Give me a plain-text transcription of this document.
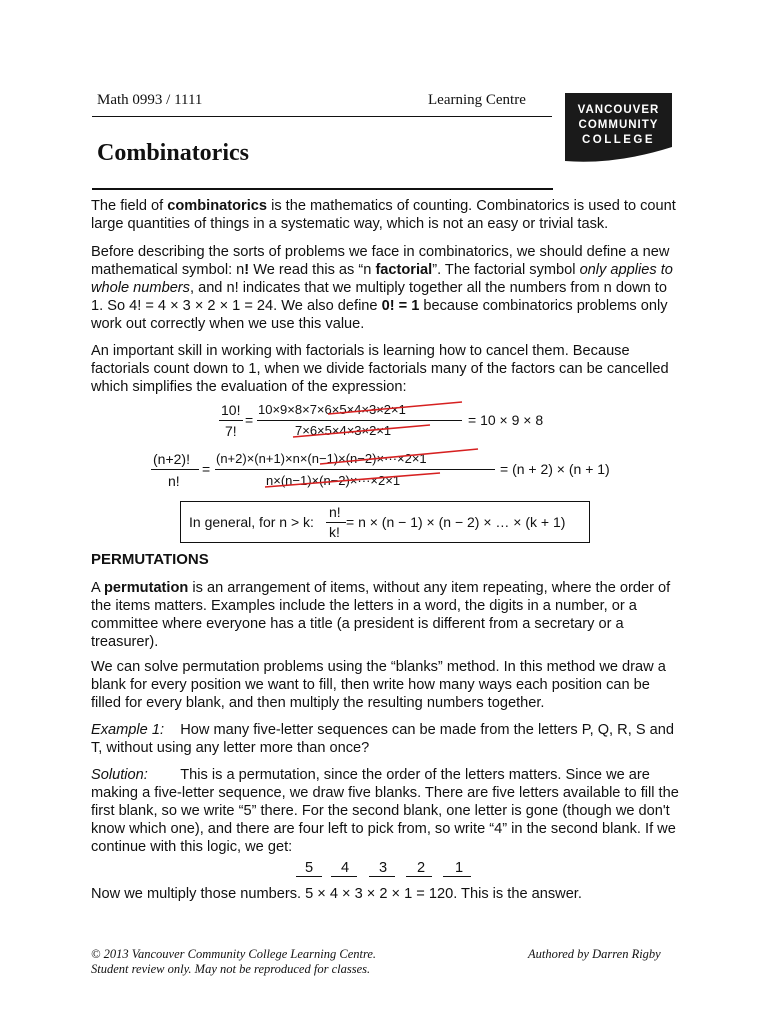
Math 0993 / 1111	Learning Centre
Combinatorics
VANCOUVER
COMMUNITY
COLLEGE
The field of combinatorics is the mathematics of counting. Combinatorics is used to count large quantities of things in a systematic way, which is not an easy or trivial task.
Before describing the sorts of problems we face in combinatorics, we should define a new mathematical symbol: n! We read this as “n factorial”. The factorial symbol only applies to whole numbers, and n! indicates that we multiply together all the numbers from n down to 1. So 4! = 4 × 3 × 2 × 1 = 24. We also define 0! = 1 because combinatorics problems only work out correctly when we use this value.
An important skill in working with factorials is learning how to cancel them. Because factorials count down to 1, when we divide factorials many of the factors can be cancelled which simplifies the evaluation of the expression:
10!
7!
=
10×9×8×7×6×5×4×3×2×1
7×6×5×4×3×2×1
= 10 × 9 × 8
(n+2)!
n!
=
(n+2)×(n+1)×n×(n−1)×(n−2)×···×2×1
n×(n−1)×(n−2)×···×2×1
= (n + 2) × (n + 1)
In general, for n > k:
n!
k!
= n × (n − 1) × (n − 2) × … × (k + 1)
PERMUTATIONS
A permutation is an arrangement of items, without any item repeating, where the order of the items matters. Examples include the letters in a word, the digits in a number, or a committee where everyone has a title (a president is different from a secretary or a treasurer).
We can solve permutation problems using the “blanks” method. In this method we draw a blank for every position we want to fill, then write how many ways each position can be filled for every blank, and then multiply the resulting numbers together.
Example 1: How many five-letter sequences can be made from the letters P, Q, R, S and T, without using any letter more than once?
Solution: This is a permutation, since the order of the letters matters. Since we are making a five-letter sequence, we draw five blanks. There are five letters available to fill the first blank, so we write “5” there. For the second blank, one letter is gone (though we don't know which one), and there are four left to pick from, so write “4” in the second blank. If we continue with this logic, we get:
5 4 3 2 1
Now we multiply those numbers. 5 × 4 × 3 × 2 × 1 = 120. This is the answer.
© 2013 Vancouver Community College Learning Centre.
Student review only. May not be reproduced for classes.
Authored by Darren Rigby
